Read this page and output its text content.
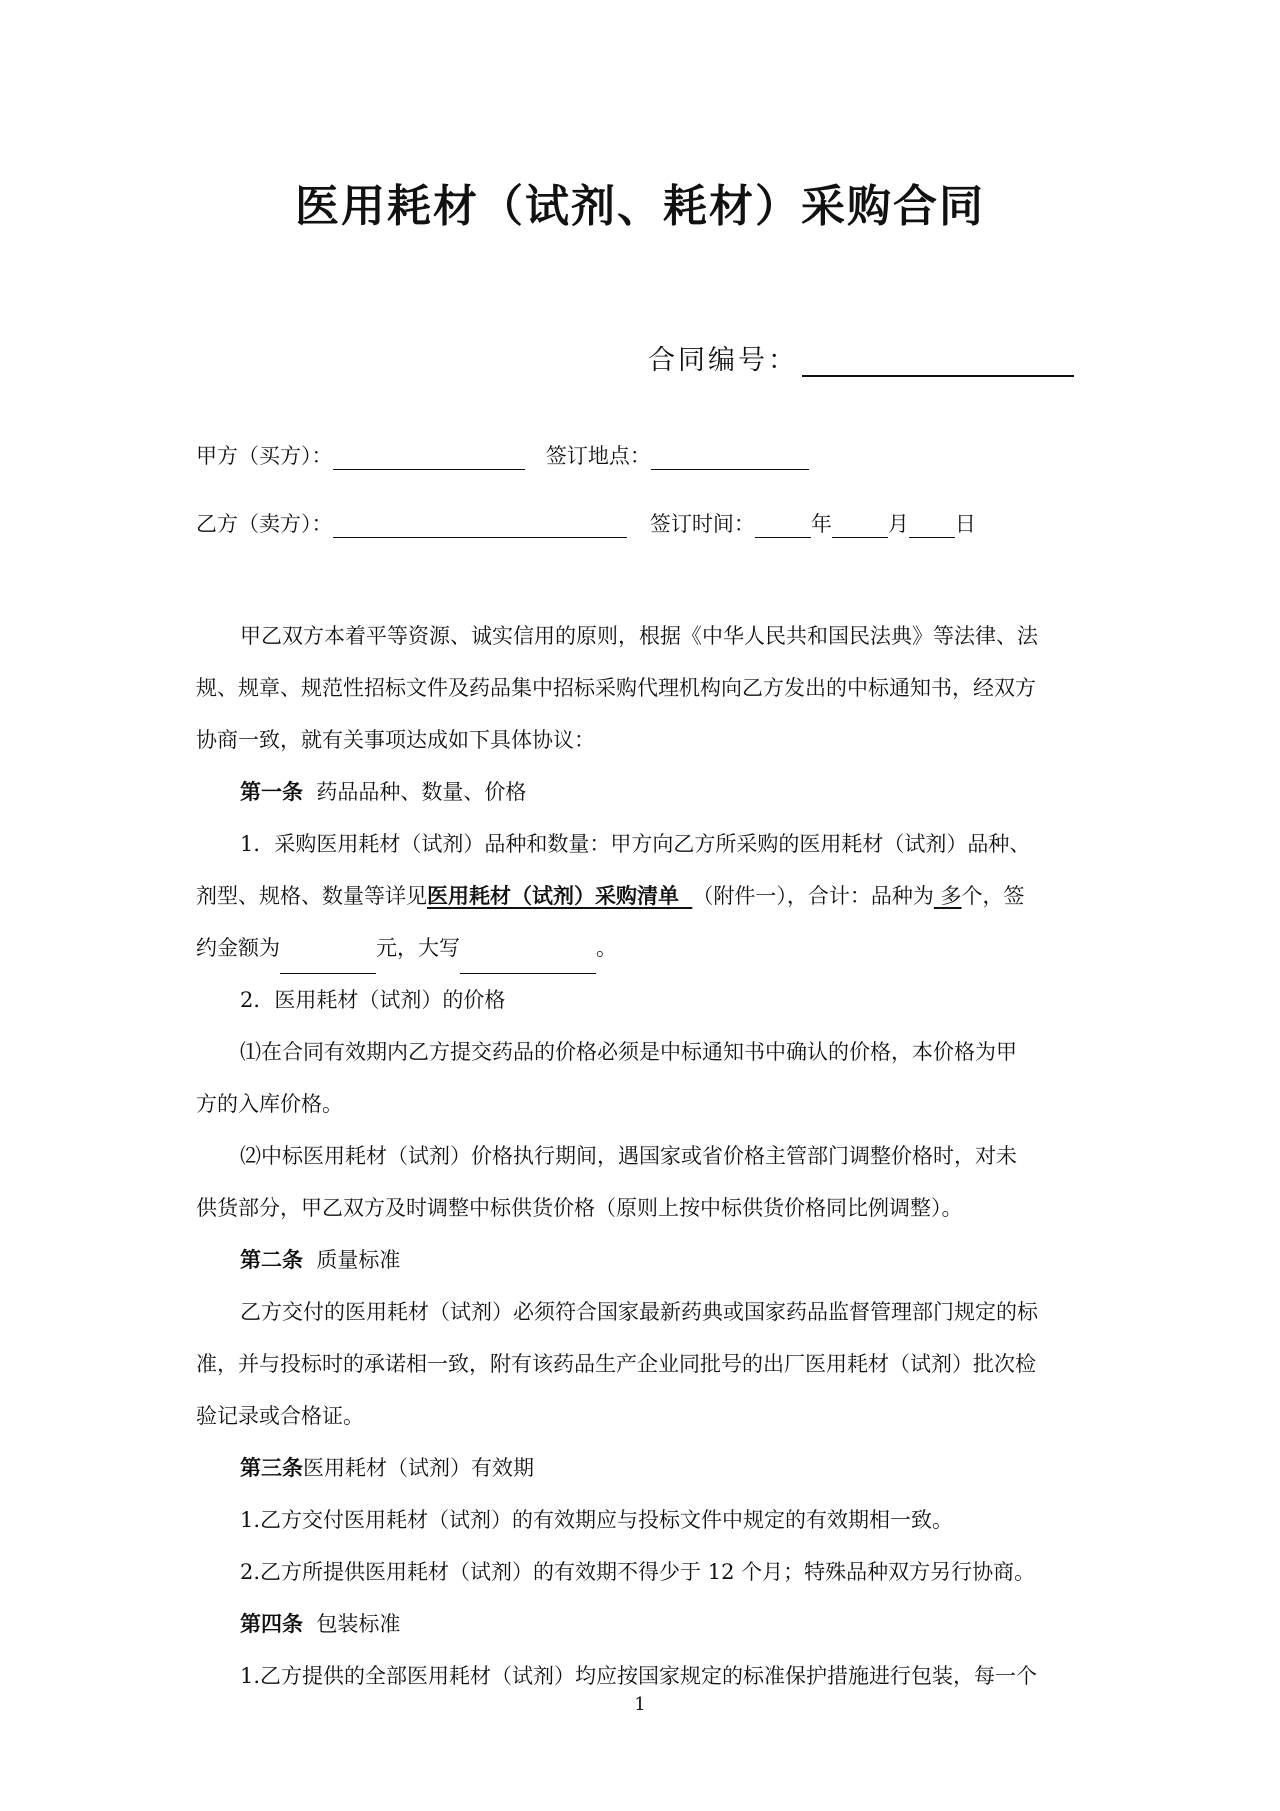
医用耗材（试剂、耗材）采购合同
合同编号：
甲方（买方）：	签订地点：
乙方（卖方）：	签订时间：	年	月 日
甲乙双方本着平等资源、诚实信用的原则，根据《中华人民共和国民法典》等法律、法
规、规章、规范性招标文件及药品集中招标采购代理机构向乙方发出的中标通知书，经双方
协商一致，就有关事项达成如下具体协议：
第一条 药品品种、数量、价格
1．采购医用耗材（试剂）品种和数量：甲方向乙方所采购的医用耗材（试剂）品种、
剂型、规格、数量等详见医用耗材（试剂）采购清单 （附件一），合计：品种为 多个，签
约金额为	元，大写	。
2．医用耗材（试剂）的价格
⑴在合同有效期内乙方提交药品的价格必须是中标通知书中确认的价格，本价格为甲
方的入库价格。
⑵中标医用耗材（试剂）价格执行期间，遇国家或省价格主管部门调整价格时，对未
供货部分，甲乙双方及时调整中标供货价格（原则上按中标供货价格同比例调整）。
第二条 质量标准
乙方交付的医用耗材（试剂）必须符合国家最新药典或国家药品监督管理部门规定的标
准，并与投标时的承诺相一致，附有该药品生产企业同批号的出厂医用耗材（试剂）批次检
验记录或合格证。
第三条医用耗材（试剂）有效期
1.乙方交付医用耗材（试剂）的有效期应与投标文件中规定的有效期相一致。
2.乙方所提供医用耗材（试剂）的有效期不得少于 12 个月；特殊品种双方另行协商。
第四条 包装标准
1.乙方提供的全部医用耗材（试剂）均应按国家规定的标准保护措施进行包装，每一个
1
